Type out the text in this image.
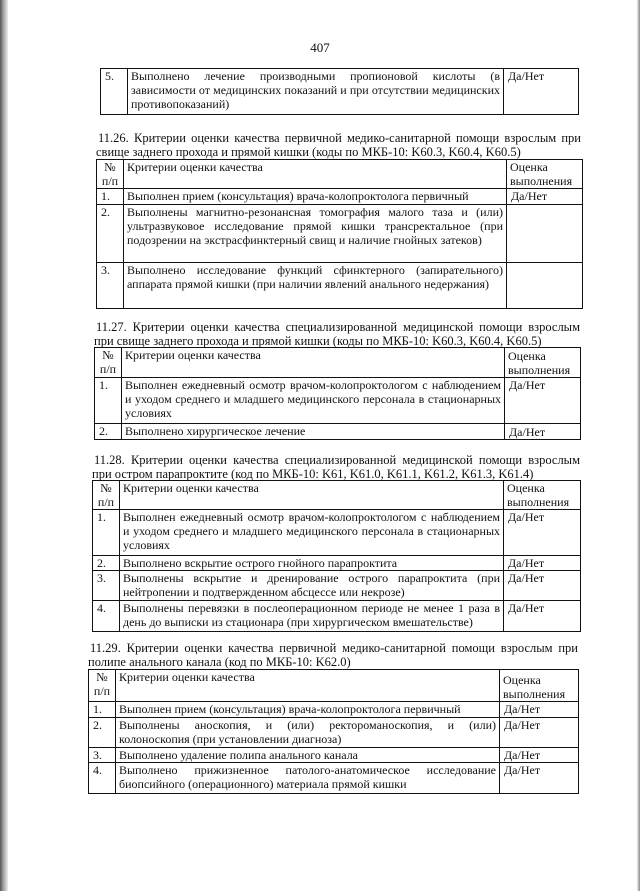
407
5.	Выполнено лечение производными пропионовой кислоты (в зависимости от медицинских показаний и при отсутствии медицинских противопоказаний)	Да/Нет
11.26. Критерии оценки качества первичной медико-санитарной помощи взрослым при свище заднего прохода и прямой кишки (коды по МКБ-10: K60.3, K60.4, K60.5)
№ п/п	Критерии оценки качества	Оценка выполнения
1.	Выполнен прием (консультация) врача-колопроктолога первичный	Да/Нет
2.	Выполнены магнитно-резонансная томография малого таза и (или) ультразвуковое исследование прямой кишки трансректальное (при подозрении на экстрасфинктерный свищ и наличие гнойных затеков)	
3.	Выполнено исследование функций сфинктерного (запирательного) аппарата прямой кишки (при наличии явлений анального недержания)	
11.27. Критерии оценки качества специализированной медицинской помощи взрослым при свище заднего прохода и прямой кишки (коды по МКБ-10: K60.3, K60.4, K60.5)
№ п/п	Критерии оценки качества	Оценка выполнения
1.	Выполнен ежедневный осмотр врачом-колопроктологом с наблюдением и уходом среднего и младшего медицинского персонала в стационарных условиях	Да/Нет
2.	Выполнено хирургическое лечение	Да/Нет
11.28. Критерии оценки качества специализированной медицинской помощи взрослым при остром парапроктите (код по МКБ-10: K61, K61.0, K61.1, K61.2, K61.3, K61.4)
№ п/п	Критерии оценки качества	Оценка выполнения
1.	Выполнен ежедневный осмотр врачом-колопроктологом с наблюдением и уходом среднего и младшего медицинского персонала в стационарных условиях	Да/Нет
2.	Выполнено вскрытие острого гнойного парапроктита	Да/Нет
3.	Выполнены вскрытие и дренирование острого парапроктита (при нейтропении и подтвержденном абсцессе или некрозе)	Да/Нет
4.	Выполнены перевязки в послеоперационном периоде не менее 1 раза в день до выписки из стационара (при хирургическом вмешательстве)	Да/Нет
11.29. Критерии оценки качества первичной медико-санитарной помощи взрослым при полипе анального канала (код по МКБ-10: K62.0)
№ п/п	Критерии оценки качества	Оценка выполнения
1.	Выполнен прием (консультация) врача-колопроктолога первичный	Да/Нет
2.	Выполнены аноскопия, и (или) ректороманоскопия, и (или) колоноскопия (при установлении диагноза)	Да/Нет
3.	Выполнено удаление полипа анального канала	Да/Нет
4.	Выполнено прижизненное патолого-анатомическое исследование биопсийного (операционного) материала прямой кишки	Да/Нет
